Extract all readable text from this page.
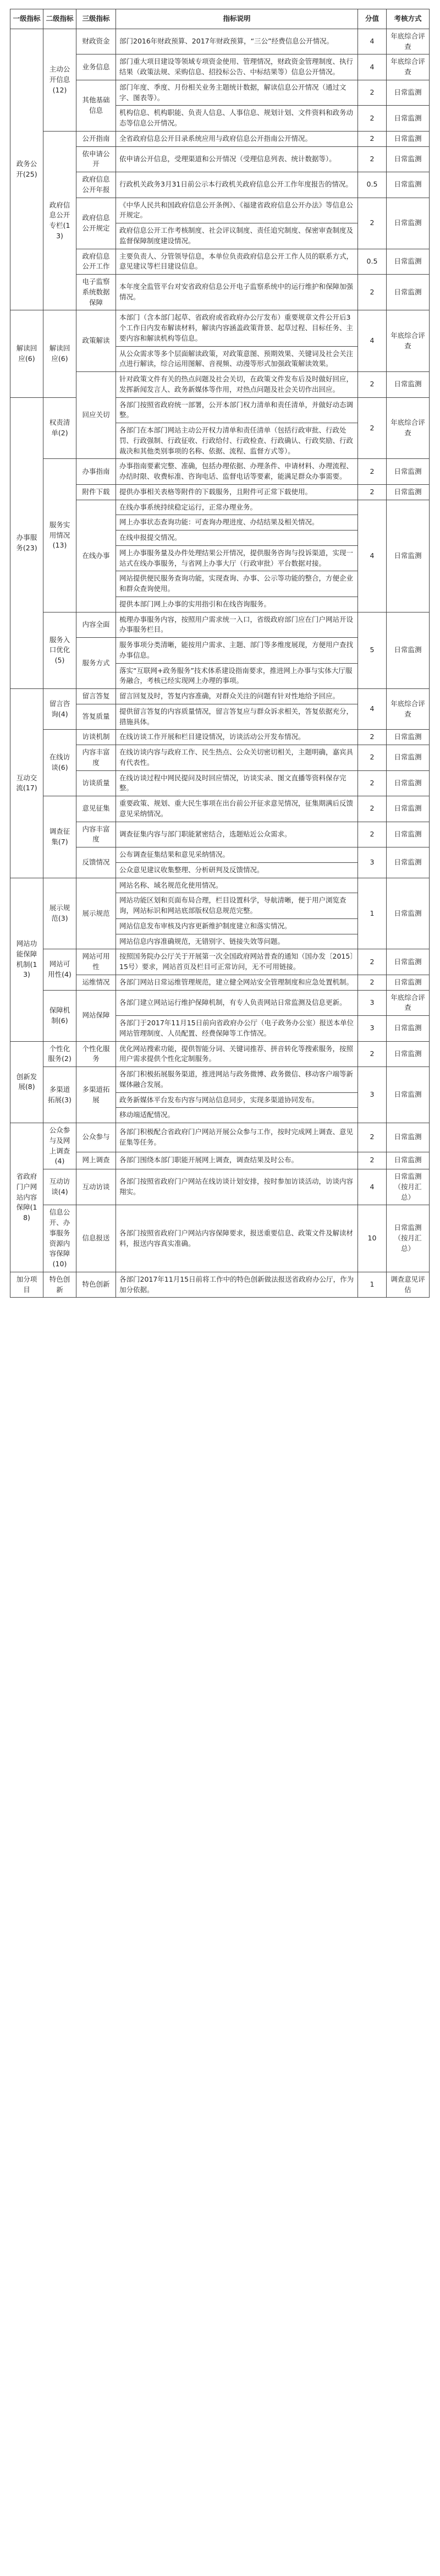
一级指标	二级指标	三级指标	指标说明	分值	考核方式
政务公开(25)	主动公开信息(12)	财政资金	部门2016年财政预算、2017年财政预算，“三公”经费信息公开情况。	4	年底综合评查
		业务信息	部门重大项目建设等领域专项资金使用、管理情况，财政资金管理制度、执行结果（政策法规、采购信息、招投标公告、中标结果等）信息公开情况。	4	年底综合评查
		其他基础信息	部门年度、季度、月份相关业务主题统计数据，解读信息公开情况（通过文字、图表等）。	2	日常监测
			机构信息、机构职能、负责人信息、人事信息、规划计划、文件资料和政务动态等信息公开情况。	2	日常监测
	政府信息公开专栏(13)	公开指南	全省政府信息公开目录系统应用与政府信息公开指南公开情况。	2	日常监测
		依申请公开	依申请公开信息，受理渠道和公开情况（受理信息列表、统计数据等）。	2	日常监测
		政府信息公开年报	行政机关政务3月31日前公示本行政机关政府信息公开工作年度报告的情况。	0.5	日常监测
		政府信息公开规定	《中华人民共和国政府信息公开条例》、《福建省政府信息公开办法》等信息公开规定。	2	日常监测
			政府信息公开工作考核制度、社会评议制度、责任追究制度、保密审查制度及监督保障制度建设情况。		
		政府信息公开工作	主要负责人、分管领导信息，本单位负责政府信息公开工作人员的联系方式，意见建议等栏目建设信息。	0.5	日常监测
		电子监察系统数据保障	本年度全监管平台对安省政府信息公开电子监察系统中的运行维护和保障加强情况。	2	日常监测
解读回应(6)	解读回应(6)	政策解读	本部门（含本部门起草、省政府或省政府办公厅发布）重要规章文件公开后3个工作日内发布解读材料，解读内容涵盖政策背景、起草过程、目标任务、主要内容和解读机构等信息。	4	年底综合评查
			从公众需求等多个层面解读政策，对政策意图、预期效果、关键词及社会关注点进行解读，综合运用图解、音视频、动漫等形式加强政策解读效果。		
		回应关切	针对政策文件有关的热点问题及社会关切，在政策文件发布后及时做好回应，发挥新闻发言人、政务新媒体等作用，对热点问题及社会关切作出回应。	2	日常监测
办事服务(23)	权责清单(2)		各部门按照省政府统一部署，公开本部门权力清单和责任清单，并做好动态调整。	2	年底综合评查
			各部门在本部门网站主动公开权力清单和责任清单（包括行政审批、行政处罚、行政强制、行政征收、行政给付、行政检查、行政确认、行政奖励、行政裁决和其他类别事项的名称、依据、流程、监督方式等）。		
	服务实用情况(13)	办事指南	办事指南要素完整、准确，包括办理依据、办理条件、申请材料、办理流程、办结时限、收费标准、咨询电话、监督电话等要素，能满足群众办事需要。	2	日常监测
		附件下载	提供办事相关表格等附件的下载服务，且附件可正常下载使用。	2	日常监测
		在线办事	在线办事系统持续稳定运行，正常办理业务。	4	日常监测
			网上办事状态查询功能：可查询办理进度、办结结果及相关情况。		
			在线申报提交情况。		
			网上办事服务量及办件处理结果公开情况，提供服务咨询与投诉渠道，实现一站式在线办事服务，与省网上办事大厅（行政审批）平台数据对接。		
			网站提供便民服务查询功能，实现查询、办事、公示等功能的整合，方便企业和群众查询使用。		
			提供本部门网上办事的实用指引和在线咨询服务。		
	服务入口优化(5)	内容全面	梳理办事服务内容，按照用户需求统一入口，省级政府部门应在门户网站开设办事服务栏目。	5	日常监测
		服务方式	服务事项分类清晰，能按用户需求、主题、部门等多维度展现，方便用户查找办事信息。		
			落实“互联网+政务服务”技术体系建设指南要求，推进网上办事与实体大厅服务融合，考核已经实现网上办理的事项。		
互动交流(17)	留言咨询(4)	留言答复	留言回复及时，答复内容准确，对群众关注的问题有针对性地给予回应。	4	年底综合评查
		答复质量	提供留言答复的内容质量情况，留言答复应与群众诉求相关，答复依据充分，措施具体。		
	在线访谈(6)	访谈机制	在线访谈工作开展和栏目建设情况，访谈活动公开发布情况。	2	日常监测
		内容丰富度	在线访谈内容与政府工作、民生热点、公众关切密切相关，主题明确，嘉宾具有代表性。	2	日常监测
		访谈质量	在线访谈过程中网民提问及时回应情况，访谈实录、图文直播等资料保存完整。	2	日常监测
	调查征集(7)	意见征集	重要政策、规划、重大民生事项在出台前公开征求意见情况，征集期满后反馈意见采纳情况。	2	日常监测
		内容丰富度	调查征集内容与部门职能紧密结合，选题贴近公众需求。	2	日常监测
		反馈情况	公布调查征集结果和意见采纳情况。	3	日常监测
			公众意见建议收集整理、分析研判及反馈情况。		
网站功能保障机制(13)	展示规范(3)	展示规范	网站名称、域名规范化使用情况。	1	日常监测
			网站功能区划和页面布局合理，栏目设置科学，导航清晰，便于用户浏览查询，网站标识和网站底部版权信息规范完整。		
			网站信息发布审核及内容更新维护制度建立和落实情况。		
			网站信息内容准确规范，无错别字、链接失效等问题。		
	网站可用性(4)	网站可用性	按照国务院办公厅关于开展第一次全国政府网站普查的通知（国办发〔2015〕15号）要求，网站首页及栏目可正常访问，无不可用链接。	2	日常监测
		运维情况	各部门网站日常运维管理规范，建立健全网站安全管理制度和应急处置机制。	2	日常监测
	保障机制(6)	网站保障	各部门建立网站运行维护保障机制，有专人负责网站日常监测及信息更新。	3	年底综合评查
			各部门于2017年11月15日前向省政府办公厅（电子政务办公室）报送本单位网站管理制度、人员配置、经费保障等工作情况。	3	日常监测
创新发展(8)	个性化服务(2)	个性化服务	优化网站搜索功能，提供智能分词、关键词推荐、拼音转化等搜索服务，按照用户需求提供个性化定制服务。	2	日常监测
	多渠道拓展(3)	多渠道拓展	各部门积极拓展服务渠道，推进网站与政务微博、政务微信、移动客户端等新媒体融合发展。	3	日常监测
			政务新媒体平台发布内容与网站信息同步，实现多渠道协同发布。		
			移动端适配情况。		
省政府门户网站内容保障(18)	公众参与及网上调查(4)	公众参与	各部门积极配合省政府门户网站开展公众参与工作，按时完成网上调查、意见征集等任务。	2	日常监测
		网上调查	各部门围绕本部门职能开展网上调查，调查结果及时公布。	2	日常监测
	互动访谈(4)	互动访谈	各部门按照省政府门户网站在线访谈计划安排，按时参加访谈活动，访谈内容翔实。	4	日常监测（按月汇总）
	信息公开、办事服务资源内容保障(10)	信息报送	各部门按照省政府门户网站内容保障要求，报送重要信息、政策文件及解读材料，报送内容真实准确。	10	日常监测（按月汇总）
加分项目	特色创新	特色创新	各部门2017年11月15日前将工作中的特色创新做法报送省政府办公厅，作为加分依据。	1	调查意见评估
